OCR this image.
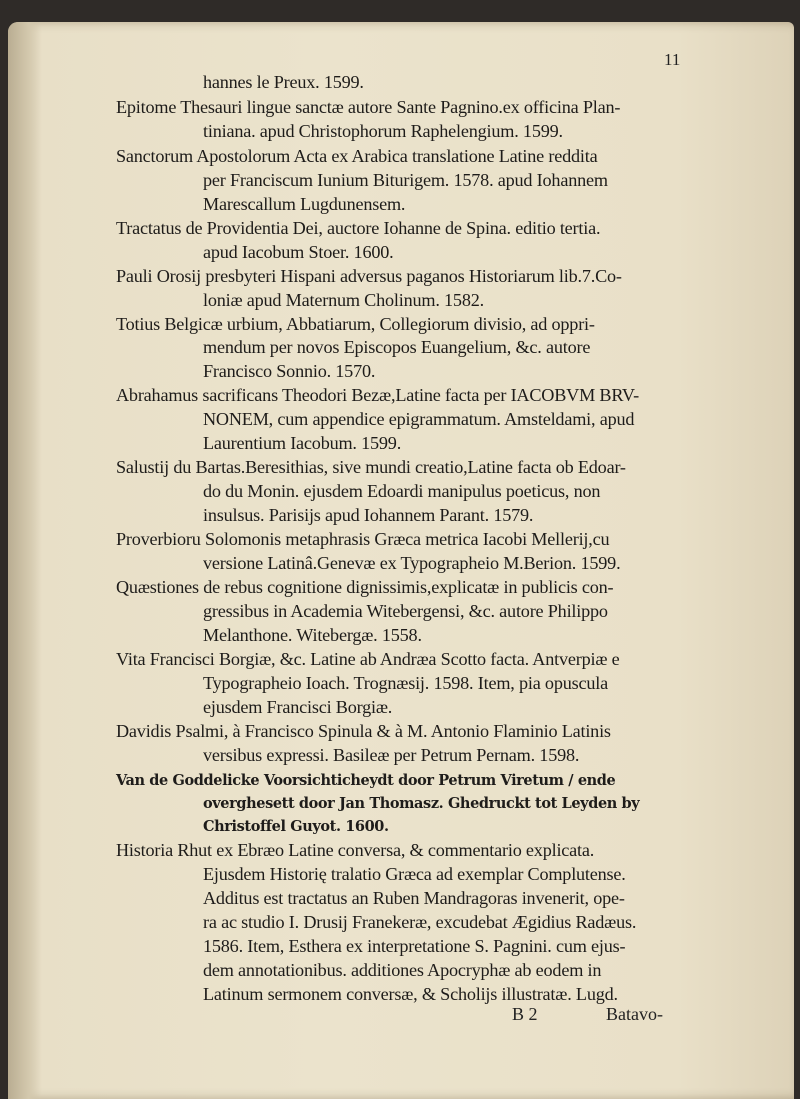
11
hannes le Preux. 1599.
Epitome Thesauri lingue sanctæ autore Sante Pagnino.ex officina Plan-
tiniana. apud Christophorum Raphelengium. 1599.
Sanctorum Apostolorum Acta ex Arabica translatione Latine reddita
per Franciscum Iunium Biturigem. 1578. apud Iohannem
Marescallum Lugdunensem.
Tractatus de Providentia Dei, auctore Iohanne de Spina. editio tertia.
apud Iacobum Stoer. 1600.
Pauli Orosij presbyteri Hispani adversus paganos Historiarum lib.7.Co-
loniæ apud Maternum Cholinum. 1582.
Totius Belgicæ urbium, Abbatiarum, Collegiorum divisio, ad oppri-
mendum per novos Episcopos Euangelium, &c. autore
Francisco Sonnio. 1570.
Abrahamus sacrificans Theodori Bezæ,Latine facta per IACOBVM BRV-
NONEM, cum appendice epigrammatum. Amsteldami, apud
Laurentium Iacobum. 1599.
Salustij du Bartas.Beresithias, sive mundi creatio,Latine facta ob Edoar-
do du Monin. ejusdem Edoardi manipulus poeticus, non
insulsus. Parisijs apud Iohannem Parant. 1579.
Proverbioru Solomonis metaphrasis Græca metrica Iacobi Mellerij,cu
versione Latinâ.Genevæ ex Typographeio M.Berion. 1599.
Quæstiones de rebus cognitione dignissimis,explicatæ in publicis con-
gressibus in Academia Witebergensi, &c. autore Philippo
Melanthone. Witebergæ. 1558.
Vita Francisci Borgiæ, &c. Latine ab Andræa Scotto facta. Antverpiæ e
Typographeio Ioach. Trognæsij. 1598. Item, pia opuscula
ejusdem Francisci Borgiæ.
Davidis Psalmi, à Francisco Spinula & à M. Antonio Flaminio Latinis
versibus expressi. Basileæ per Petrum Pernam. 1598.
Van de Goddelicke Voorsichticheydt door Petrum Viretum / ende
overghesett door Jan Thomasz. Ghedruckt tot Leyden by
Christoffel Guyot. 1600.
Historia Rhut ex Ebræo Latine conversa, & commentario explicata.
Ejusdem Historię tralatio Græca ad exemplar Complutense.
Additus est tractatus an Ruben Mandragoras invenerit, ope-
ra ac studio I. Drusij Franekeræ, excudebat Ægidius Radæus.
1586. Item, Esthera ex interpretatione S. Pagnini. cum ejus-
dem annotationibus. additiones Apocryphæ ab eodem in
Latinum sermonem conversæ, & Scholijs illustratæ. Lugd.
B 2	Batavo-
